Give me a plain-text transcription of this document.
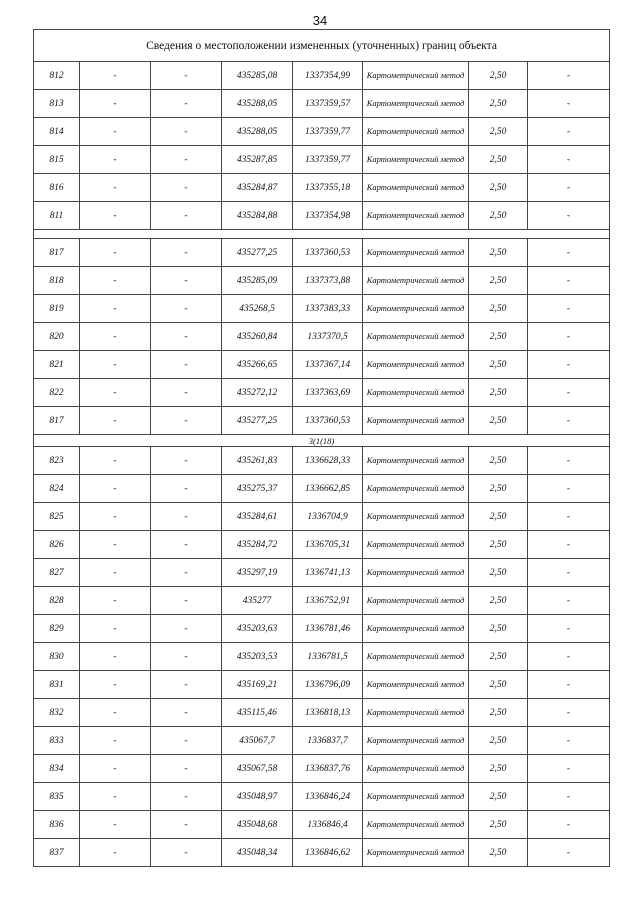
34
Сведения о местоположении измененных (уточненных) границ объекта							
812	-	-	435285,08	1337354,99	Картометрический метод	2,50	-
813	-	-	435288,05	1337359,57	Картометрический метод	2,50	-
814	-	-	435288,05	1337359,77	Картометрический метод	2,50	-
815	-	-	435287,85	1337359,77	Картометрический метод	2,50	-
816	-	-	435284,87	1337355,18	Картометрический метод	2,50	-
811	-	-	435284,88	1337354,98	Картометрический метод	2,50	-

817	-	-	435277,25	1337360,53	Картометрический метод	2,50	-
818	-	-	435285,09	1337373,88	Картометрический метод	2,50	-
819	-	-	435268,5	1337383,33	Картометрический метод	2,50	-
820	-	-	435260,84	1337370,5	Картометрический метод	2,50	-
821	-	-	435266,65	1337367,14	Картометрический метод	2,50	-
822	-	-	435272,12	1337363,69	Картометрический метод	2,50	-
817	-	-	435277,25	1337360,53	Картометрический метод	2,50	-
3(1(18)							
823	-	-	435261,83	1336628,33	Картометрический метод	2,50	-
824	-	-	435275,37	1336662,85	Картометрический метод	2,50	-
825	-	-	435284,61	1336704,9	Картометрический метод	2,50	-
826	-	-	435284,72	1336705,31	Картометрический метод	2,50	-
827	-	-	435297,19	1336741,13	Картометрический метод	2,50	-
828	-	-	435277	1336752,91	Картометрический метод	2,50	-
829	-	-	435203,63	1336781,46	Картометрический метод	2,50	-
830	-	-	435203,53	1336781,5	Картометрический метод	2,50	-
831	-	-	435169,21	1336796,09	Картометрический метод	2,50	-
832	-	-	435115,46	1336818,13	Картометрический метод	2,50	-
833	-	-	435067,7	1336837,7	Картометрический метод	2,50	-
834	-	-	435067,58	1336837,76	Картометрический метод	2,50	-
835	-	-	435048,97	1336846,24	Картометрический метод	2,50	-
836	-	-	435048,68	1336846,4	Картометрический метод	2,50	-
837	-	-	435048,34	1336846,62	Картометрический метод	2,50	-
